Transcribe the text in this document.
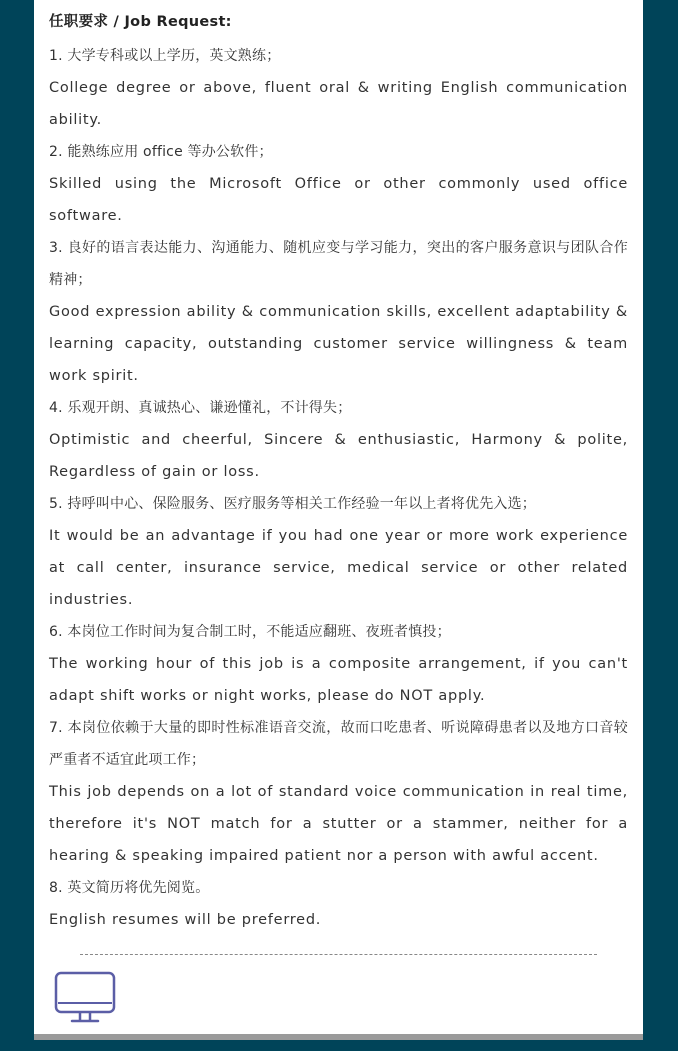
任职要求 / Job Request:

1. 大学专科或以上学历，英文熟练；

College degree or above, fluent oral & writing English communication ability.

2. 能熟练应用 office 等办公软件；

Skilled using the Microsoft Office or other commonly used office software.

3. 良好的语言表达能力、沟通能力、随机应变与学习能力，突出的客户服务意识与团队合作精神；

Good expression ability & communication skills, excellent adaptability & learning capacity, outstanding customer service willingness & team work spirit.

4. 乐观开朗、真诚热心、谦逊懂礼，不计得失；

Optimistic and cheerful, Sincere & enthusiastic, Harmony & polite, Regardless of gain or loss.

5. 持呼叫中心、保险服务、医疗服务等相关工作经验一年以上者将优先入选；

It would be an advantage if you had one year or more work experience at call center, insurance service, medical service or other related industries.

6. 本岗位工作时间为复合制工时，不能适应翻班、夜班者慎投；

The working hour of this job is a composite arrangement, if you can't adapt shift works or night works, please do NOT apply.

7. 本岗位依赖于大量的即时性标准语音交流，故而口吃患者、听说障碍患者以及地方口音较严重者不适宜此项工作；

This job depends on a lot of standard voice communication in real time, therefore it's NOT match for a stutter or a stammer, neither for a hearing & speaking impaired patient nor a person with awful accent.

8. 英文简历将优先阅览。

English resumes will be preferred.
